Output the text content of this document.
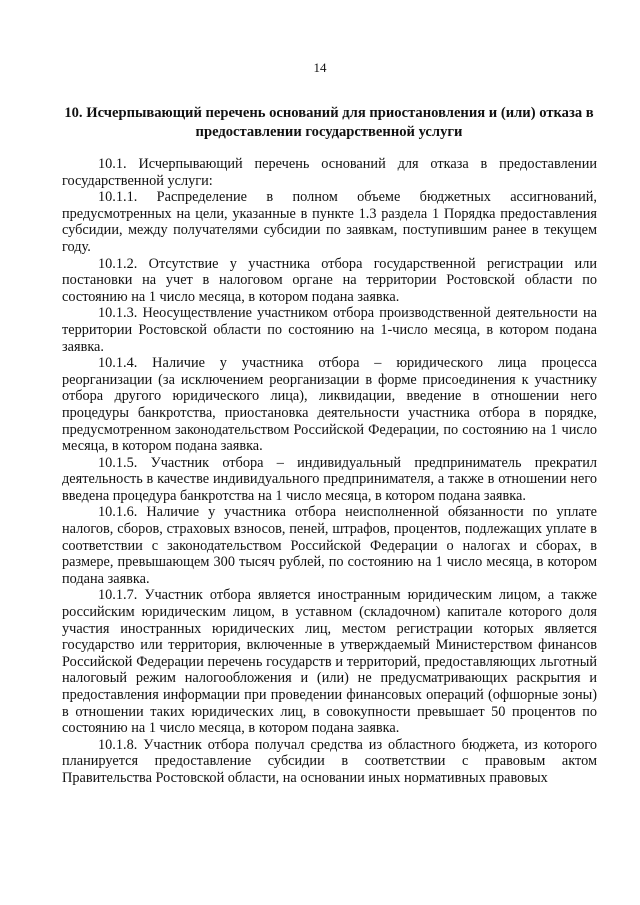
14
10. Исчерпывающий перечень оснований для приостановления и (или) отказа в предоставлении государственной услуги

10.1. Исчерпывающий перечень оснований для отказа в предоставлении государственной услуги:

10.1.1. Распределение в полном объеме бюджетных ассигнований, предусмотренных на цели, указанные в пункте 1.3 раздела 1 Порядка предоставления субсидии, между получателями субсидии по заявкам, поступившим ранее в текущем году.

10.1.2. Отсутствие у участника отбора государственной регистрации или постановки на учет в налоговом органе на территории Ростовской области по состоянию на 1 число месяца, в котором подана заявка.

10.1.3. Неосуществление участником отбора производственной деятельности на территории Ростовской области по состоянию на 1-число месяца, в котором подана заявка.

10.1.4. Наличие у участника отбора – юридического лица процесса реорганизации (за исключением реорганизации в форме присоединения к участнику отбора другого юридического лица), ликвидации, введение в отношении него процедуры банкротства, приостановка деятельности участника отбора в порядке, предусмотренном законодательством Российской Федерации, по состоянию на 1 число месяца, в котором подана заявка.

10.1.5. Участник отбора – индивидуальный предприниматель прекратил деятельность в качестве индивидуального предпринимателя, а также в отношении него введена процедура банкротства на 1 число месяца, в котором подана заявка.

10.1.6. Наличие у участника отбора неисполненной обязанности по уплате налогов, сборов, страховых взносов, пеней, штрафов, процентов, подлежащих уплате в соответствии с законодательством Российской Федерации о налогах и сборах, в размере, превышающем 300 тысяч рублей, по состоянию на 1 число месяца, в котором подана заявка.

10.1.7. Участник отбора является иностранным юридическим лицом, а также российским юридическим лицом, в уставном (складочном) капитале которого доля участия иностранных юридических лиц, местом регистрации которых является государство или территория, включенные в утверждаемый Министерством финансов Российской Федерации перечень государств и территорий, предоставляющих льготный налоговый режим налогообложения и (или) не предусматривающих раскрытия и предоставления информации при проведении финансовых операций (офшорные зоны) в отношении таких юридических лиц, в совокупности превышает 50 процентов по состоянию на 1 число месяца, в котором подана заявка.

10.1.8. Участник отбора получал средства из областного бюджета, из которого планируется предоставление субсидии в соответствии с правовым актом Правительства Ростовской области, на основании иных нормативных правовых
